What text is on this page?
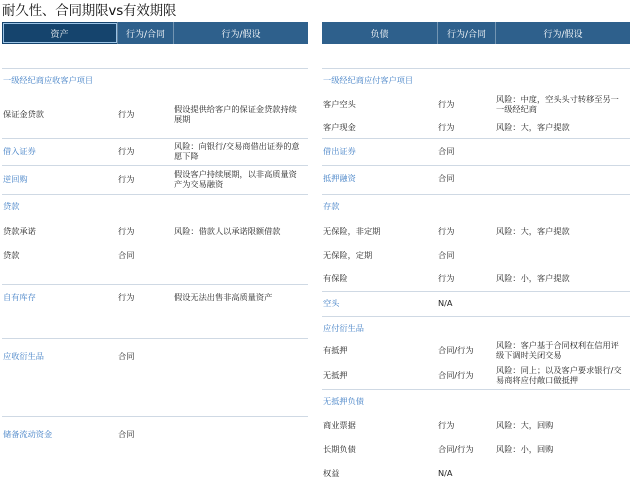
耐久性、合同期限vs有效期限
资产	行为/合同	行为/假设
一级经纪商应收客户项目
保证金贷款	行为	假设提供给客户的保证金贷款持续展期
借入证券	行为	风险：向银行/交易商借出证券的意愿下降
逆回购	行为	假设客户持续展期，以非高质量资产为交易融资
贷款
贷款承诺	行为	风险：借款人以承诺限额借款
贷款	合同
自有库存	行为	假设无法出售非高质量资产
应收衍生品	合同
储备流动资金	合同
负债	行为/合同	行为/假设
一级经纪商应付客户项目
客户空头	行为	风险：中度，空头头寸转移至另一一级经纪商
客户现金	行为	风险：大，客户提款
借出证券	合同
抵押融资	合同
存款
无保险，非定期	行为	风险：大，客户提款
无保险，定期	合同
有保险	行为	风险：小，客户提款
空头	N/A
应付衍生品
有抵押	合同/行为	风险：客户基于合同权利在信用评级下调时关闭交易
无抵押	合同/行为	风险：同上；以及客户要求银行/交易商将应付敞口做抵押
无抵押负债
商业票据	行为	风险：大，回购
长期负债	合同/行为	风险：小，回购
权益	N/A
